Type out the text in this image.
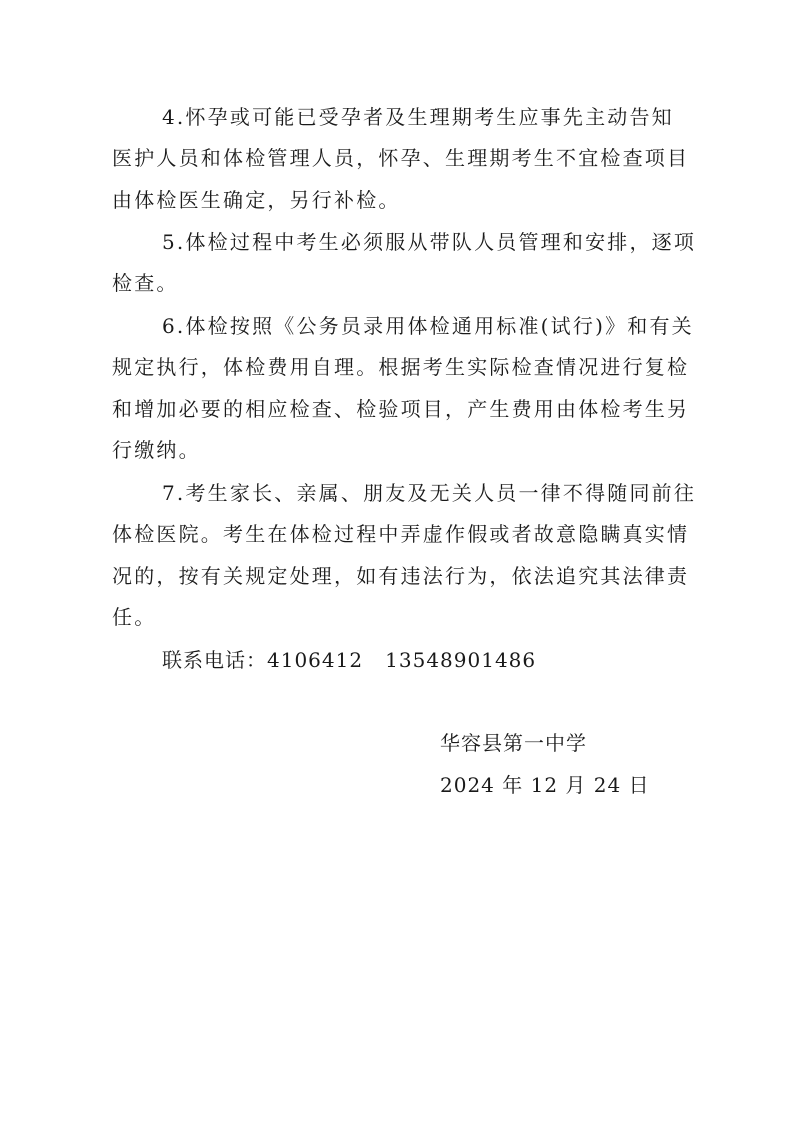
4.怀孕或可能已受孕者及生理期考生应事先主动告知
医护人员和体检管理人员，怀孕、生理期考生不宜检查项目
由体检医生确定，另行补检。
5.体检过程中考生必须服从带队人员管理和安排，逐项
检查。
6.体检按照《公务员录用体检通用标准(试行)》和有关
规定执行，体检费用自理。根据考生实际检查情况进行复检
和增加必要的相应检查、检验项目，产生费用由体检考生另
行缴纳。
7.考生家长、亲属、朋友及无关人员一律不得随同前往
体检医院。考生在体检过程中弄虚作假或者故意隐瞒真实情
况的，按有关规定处理，如有违法行为，依法追究其法律责
任。
联系电话：4106412   13548901486
华容县第一中学
2024 年 12 月 24 日
